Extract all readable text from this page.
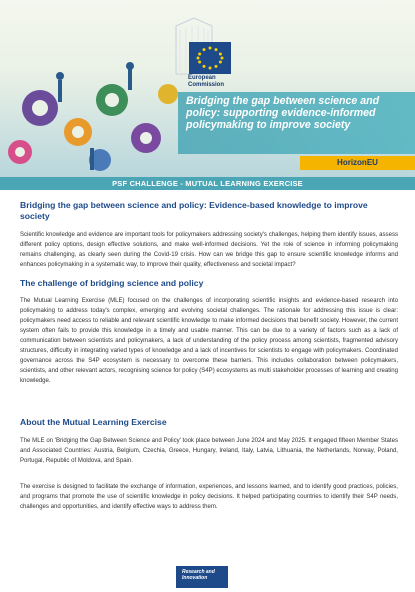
European
Commission
Bridging the gap between science and policy: supporting evidence-informed policymaking to improve society
HorizonEU
PSF CHALLENGE - MUTUAL LEARNING EXERCISE
Bridging the gap between science and policy: Evidence-based knowledge to improve society

Scientific knowledge and evidence are important tools for policymakers addressing society's challenges, helping them identify issues, assess different policy options, design effective solutions, and make well-informed decisions. Yet the role of science in informing policymaking remains challenging, as clearly seen during the Covid-19 crisis. How can we bridge this gap to ensure scientific knowledge informs and enhances policymaking in a systematic way, to improve their quality, effectiveness and societal impact?

The challenge of bridging science and policy

The Mutual Learning Exercise (MLE) focused on the challenges of incorporating scientific insights and evidence-based research into policymaking to address today's complex, emerging and evolving societal challenges. The rationale for addressing this issue is clear: policymakers need access to reliable and relevant scientific knowledge to make informed decisions that benefit society. However, the current system often fails to provide this knowledge in a timely and usable manner. This can be due to a variety of factors such as a lack of communication between scientists and policymakers, a lack of understanding of the policy process among scientists, fragmented advisory structures, difficulty in integrating varied types of knowledge and a lack of incentives for scientists to engage with policymakers. Coordinated governance across the S4P ecosystem is necessary to overcome these barriers. This includes collaboration between policymakers, scientists, and other relevant actors, recognising science for policy (S4P) ecosystems as multi stakeholder processes of learning and creating knowledge.

About the Mutual Learning Exercise

The MLE on 'Bridging the Gap Between Science and Policy' took place between June 2024 and May 2025. It engaged fifteen Member States and Associated Countries: Austria, Belgium, Czechia, Greece, Hungary, Ireland, Italy, Latvia, Lithuania, the Netherlands, Norway, Poland, Portugal, Republic of Moldova, and Spain.

The exercise is designed to facilitate the exchange of information, experiences, and lessons learned, and to identify good practices, policies, and programs that promote the use of scientific knowledge in policy decisions. It helped participating countries to identify their S4P needs, challenges and opportunities, and identify effective ways to address them.

Research and
Innovation
